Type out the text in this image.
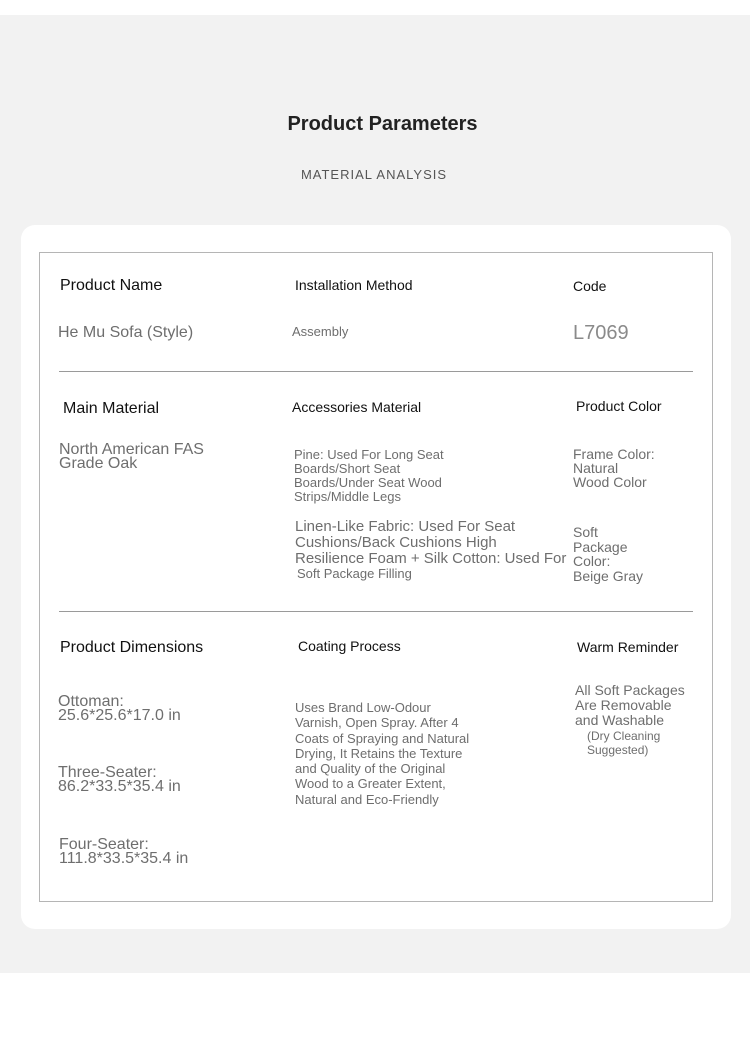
Product Parameters
MATERIAL ANALYSIS

Product Name

He Mu Sofa (Style)

Installation Method

Assembly

Code

L7069

Main Material

North American FAS
Grade Oak

Accessories Material

Pine: Used For Long Seat
Boards/Short Seat
Boards/Under Seat Wood
Strips/Middle Legs

Linen-Like Fabric: Used For Seat
Cushions/Back Cushions High
Resilience Foam + Silk Cotton: Used For

Soft Package Filling

Product Color

Frame Color:
Natural
Wood Color

Soft
Package
Color:
Beige Gray

Product Dimensions

Ottoman:
25.6*25.6*17.0 in

Three-Seater:
86.2*33.5*35.4 in

Four-Seater:
111.8*33.5*35.4 in

Coating Process

Uses Brand Low-Odour
Varnish, Open Spray. After 4
Coats of Spraying and Natural
Drying, It Retains the Texture
and Quality of the Original
Wood to a Greater Extent,
Natural and Eco-Friendly

Warm Reminder

All Soft Packages
Are Removable
and Washable

(Dry Cleaning
Suggested)
